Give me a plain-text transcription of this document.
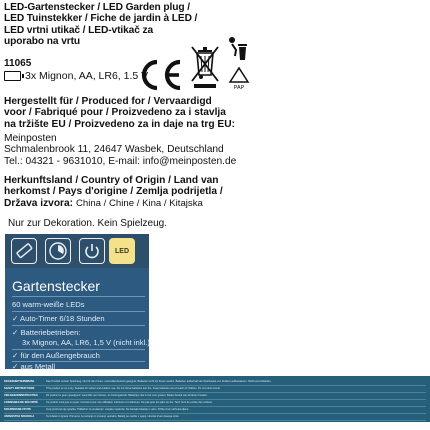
LED-Gartenstecker / LED Garden plug /
LED Tuinstekker / Fiche de jardin à LED /
LED vrtni utikač / LED-vtikač za
uporabo na vrtu
11065
3x Mignon, AA, LR6, 1.5 V
PAP
Hergestellt für / Produced for / Vervaardigd
voor / Fabriqué pour / Proizvedeno za i stavlja
na tržište EU / Proizvedeno za in daje na trg EU:
Meinposten
Schmalenbrook 11, 24647 Wasbek, Deutschland
Tel.: 04321 - 9631010, E-mail: info@meinposten.de
Herkunftsland / Country of Origin / Land van
herkomst / Pays d'origine / Zemlja podrijetla /
Država izvora: China / Chine / Kina / Kitajska
Nur zur Dekoration. Kein Spielzeug.
LED
Gartenstecker
60 warm-weiße LEDs
✓ Auto-Timer 6/18 Stunden
✓ Batteriebetrieben:
3x Mignon, AA, LR6, 1,5 V (nicht inkl.)
✓ für den Außengebrauch
✓ aus Metall
SICHERHEITSHINWEISE	Das Produkt ist kein Spielzeug. Nur für den Innen- und Außenbereich geeignet. Batterien nicht ins Feuer werfen. Batterien außerhalb der Reichweite von Kindern aufbewahren. Nicht kurzschließen.
SAFETY INSTRUCTIONS	This product is not a toy. Suitable for indoor and outdoor use. Do not throw batteries into fire. Keep batteries out of reach of children. Do not short-circuit.
VEILIGHEIDSINSTRUCTIES	Dit product is geen speelgoed. Geschikt voor binnen- en buitengebruik. Batterijen niet in het vuur gooien. Buiten bereik van kinderen houden.
CONSIGNES DE SÉCURITÉ	Ce produit n'est pas un jouet. Convient pour une utilisation intérieure et extérieure. Ne pas jeter les piles au feu. Tenir hors de portée des enfants.
SIGURNOSNE UPUTE	Ovaj proizvod nije igračka. Prikladno za unutarnju i vanjsku upotrebu. Ne bacajte baterije u vatru. Držite izvan dohvata djece.
VARNOSTNA NAVODILA	Ta izdelek ni igrača. Primerno za notranjo in zunanjo uporabo. Baterij ne mečite v ogenj. Hranite izven dosega otrok.
